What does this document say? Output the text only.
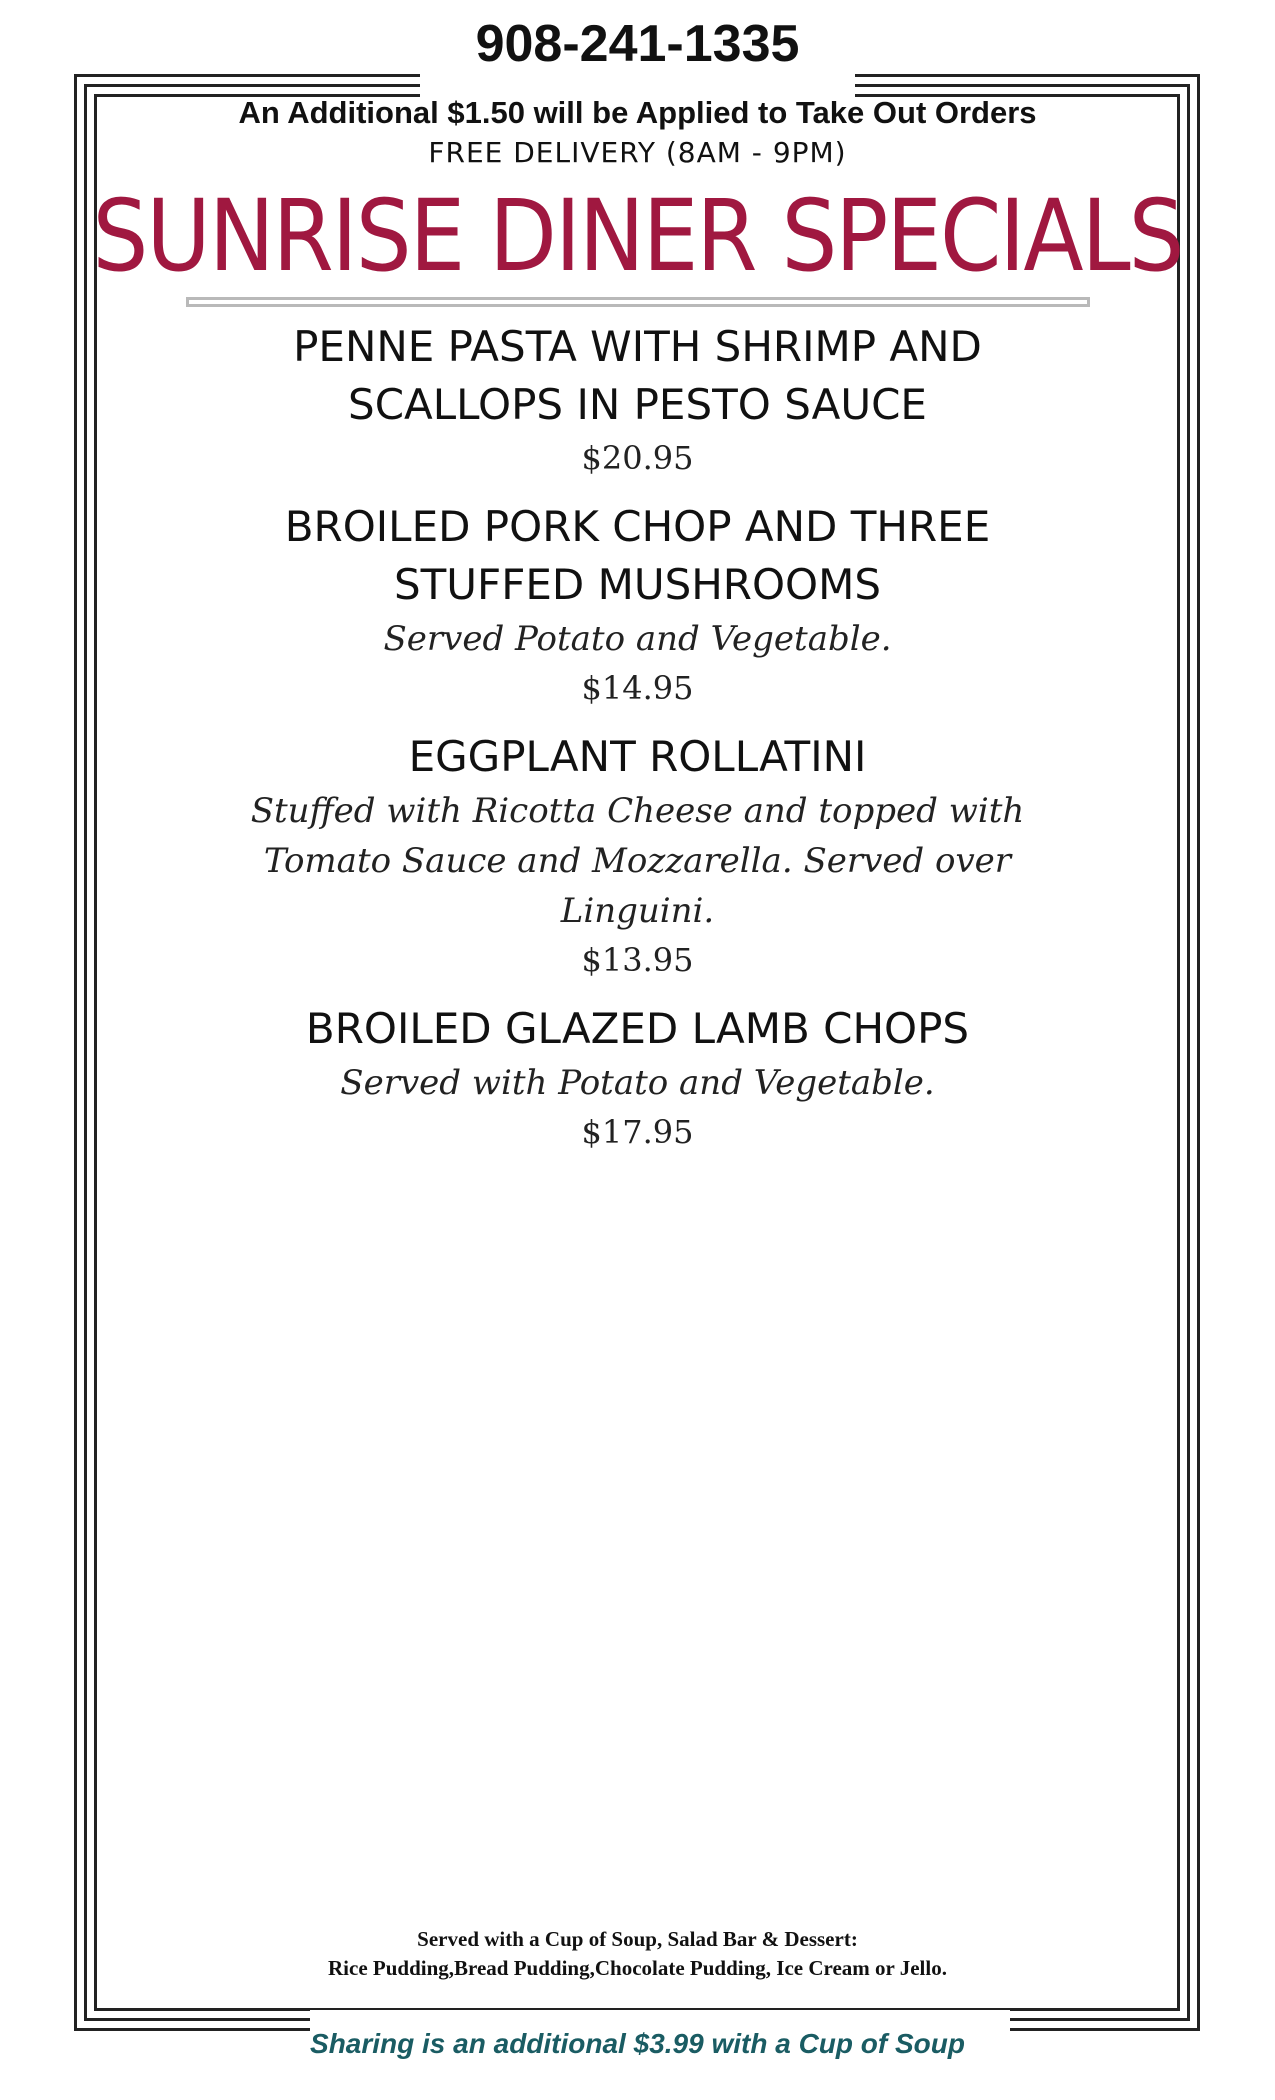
908-241-1335
An Additional $1.50 will be Applied to Take Out Orders
FREE DELIVERY (8AM - 9PM)
SUNRISE DINER SPECIALS
PENNE PASTA WITH SHRIMP AND SCALLOPS IN PESTO SAUCE
$20.95
BROILED PORK CHOP AND THREE STUFFED MUSHROOMS
Served Potato and Vegetable.
$14.95
EGGPLANT ROLLATINI
Stuffed with Ricotta Cheese and topped with Tomato Sauce and Mozzarella. Served over Linguini.
$13.95
BROILED GLAZED LAMB CHOPS
Served with Potato and Vegetable.
$17.95
Served with a Cup of Soup, Salad Bar & Dessert:
Rice Pudding,Bread Pudding,Chocolate Pudding, Ice Cream or Jello.
Sharing is an additional $3.99 with a Cup of Soup
